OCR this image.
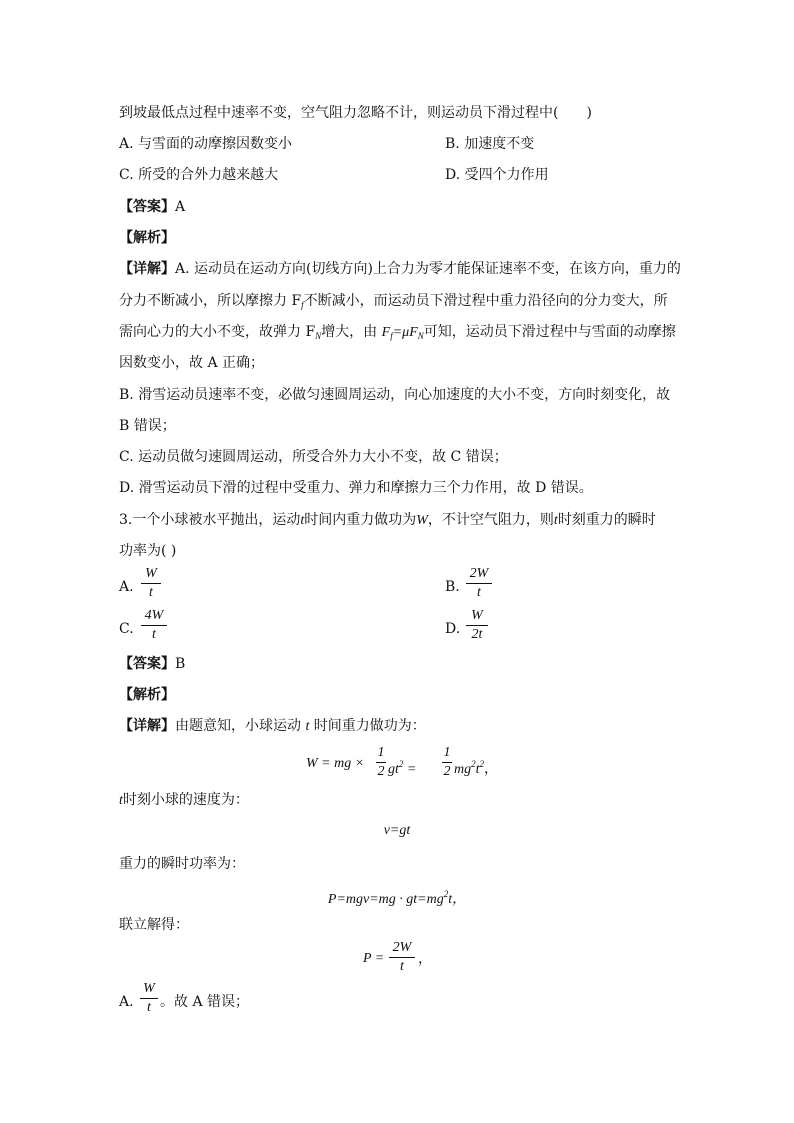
到坡最低点过程中速率不变，空气阻力忽略不计，则运动员下滑过程中(　　)
A. 与雪面的动摩擦因数变小	B. 加速度不变
C. 所受的合外力越来越大	D. 受四个力作用
【答案】A
【解析】
【详解】A. 运动员在运动方向(切线方向)上合力为零才能保证速率不变，在该方向，重力的
分力不断减小，所以摩擦力 $F_f$不断减小，而运动员下滑过程中重力沿径向的分力变大，所
需向心力的大小不变，故弹力 $F_N$增大，由 $F_f=\mu F_N$可知，运动员下滑过程中与雪面的动摩擦
因数变小，故 A 正确；
B. 滑雪运动员速率不变，必做匀速圆周运动，向心加速度的大小不变，方向时刻变化，故
B 错误；
C. 运动员做匀速圆周运动，所受合外力大小不变，故 C 错误；
D. 滑雪运动员下滑的过程中受重力、弹力和摩擦力三个力作用，故 D 错误。
3.一个小球被水平抛出，运动t时间内重力做功为W，不计空气阻力，则t时刻重力的瞬时
功率为( )
A.
W
t	B.
2W
t
C.
4W
t	D.
W
2t
【答案】B
【解析】
【详解】由题意知，小球运动 t 时间重力做功为：
W = mg ×
1
2 $gt^2$ =
1
2 $mg^2t^2$，
t时刻小球的速度为：
v=gt
重力的瞬时功率为：
$P=mgv=mg \cdot gt=mg^2t$，
联立解得：
P =
2W
t	，
A.
W
t 。故 A 错误；
